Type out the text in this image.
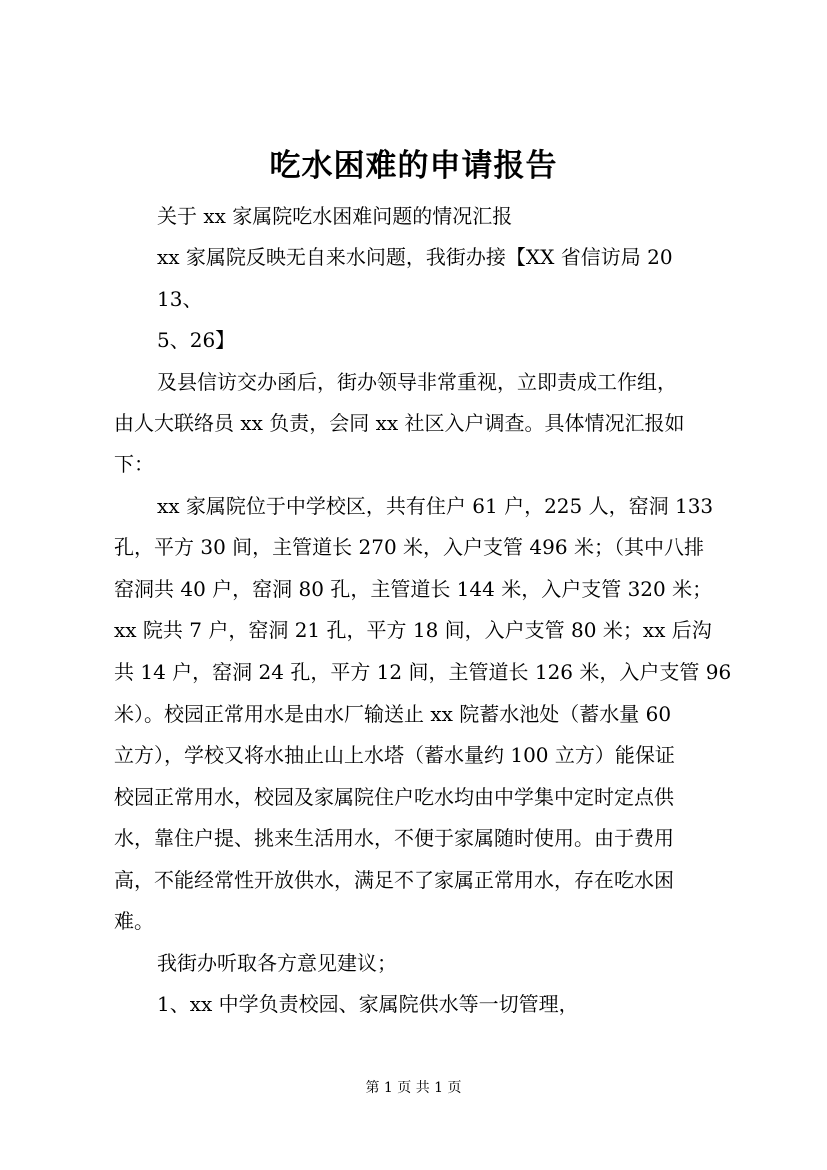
吃水困难的申请报告
关于 xx 家属院吃水困难问题的情况汇报
xx 家属院反映无自来水问题，我街办接【XX 省信访局 20
13、
5、26】
及县信访交办函后，街办领导非常重视，立即责成工作组，
由人大联络员 xx 负责，会同 xx 社区入户调查。具体情况汇报如
下：
xx 家属院位于中学校区，共有住户 61 户，225 人，窑洞 133
孔，平方 30 间，主管道长 270 米，入户支管 496 米；（其中八排
窑洞共 40 户，窑洞 80 孔，主管道长 144 米，入户支管 320 米；
xx 院共 7 户，窑洞 21 孔，平方 18 间，入户支管 80 米；xx 后沟
共 14 户，窑洞 24 孔，平方 12 间，主管道长 126 米，入户支管 96
米）。校园正常用水是由水厂输送止 xx 院蓄水池处（蓄水量 60
立方），学校又将水抽止山上水塔（蓄水量约 100 立方）能保证
校园正常用水，校园及家属院住户吃水均由中学集中定时定点供
水，靠住户提、挑来生活用水，不便于家属随时使用。由于费用
高，不能经常性开放供水，满足不了家属正常用水，存在吃水困
难。
我街办听取各方意见建议；
1、xx 中学负责校园、家属院供水等一切管理，
第 1 页 共 1 页
